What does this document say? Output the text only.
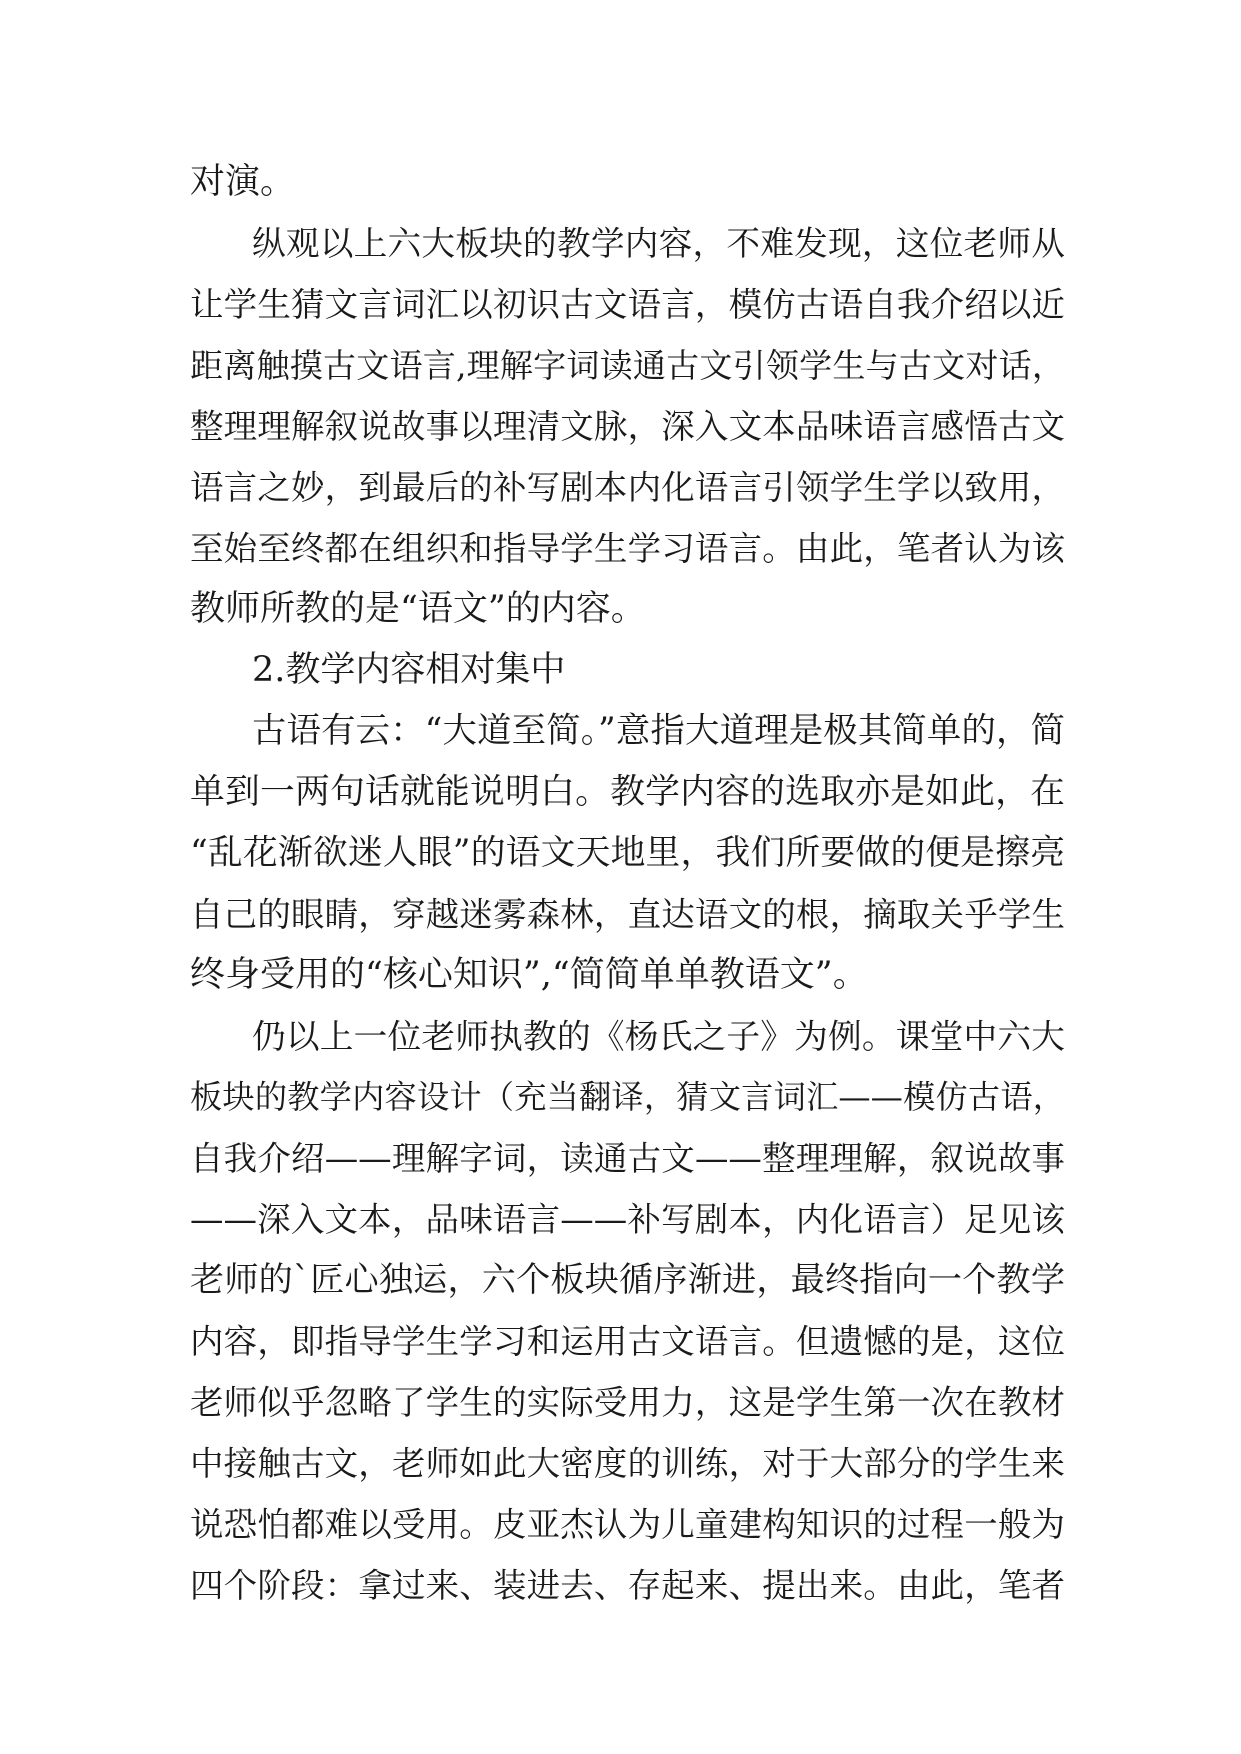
对演。
纵观以上六大板块的教学内容，不难发现，这位老师从
让学生猜文言词汇以初识古文语言，模仿古语自我介绍以近
距离触摸古文语言,理解字词读通古文引领学生与古文对话，
整理理解叙说故事以理清文脉，深入文本品味语言感悟古文
语言之妙，到最后的补写剧本内化语言引领学生学以致用，
至始至终都在组织和指导学生学习语言。由此，笔者认为该
教师所教的是“语文”的内容。
2.教学内容相对集中
古语有云：“大道至简。”意指大道理是极其简单的，简
单到一两句话就能说明白。教学内容的选取亦是如此，在
“乱花渐欲迷人眼”的语文天地里，我们所要做的便是擦亮
自己的眼睛，穿越迷雾森林，直达语文的根，摘取关乎学生
终身受用的“核心知识”,“简简单单教语文”。
仍以上一位老师执教的《杨氏之子》为例。课堂中六大
板块的教学内容设计（充当翻译，猜文言词汇——模仿古语，
自我介绍——理解字词，读通古文——整理理解，叙说故事
——深入文本，品味语言——补写剧本，内化语言）足见该
老师的`匠心独运，六个板块循序渐进，最终指向一个教学
内容，即指导学生学习和运用古文语言。但遗憾的是，这位
老师似乎忽略了学生的实际受用力，这是学生第一次在教材
中接触古文，老师如此大密度的训练，对于大部分的学生来
说恐怕都难以受用。皮亚杰认为儿童建构知识的过程一般为
四个阶段：拿过来、装进去、存起来、提出来。由此，笔者
